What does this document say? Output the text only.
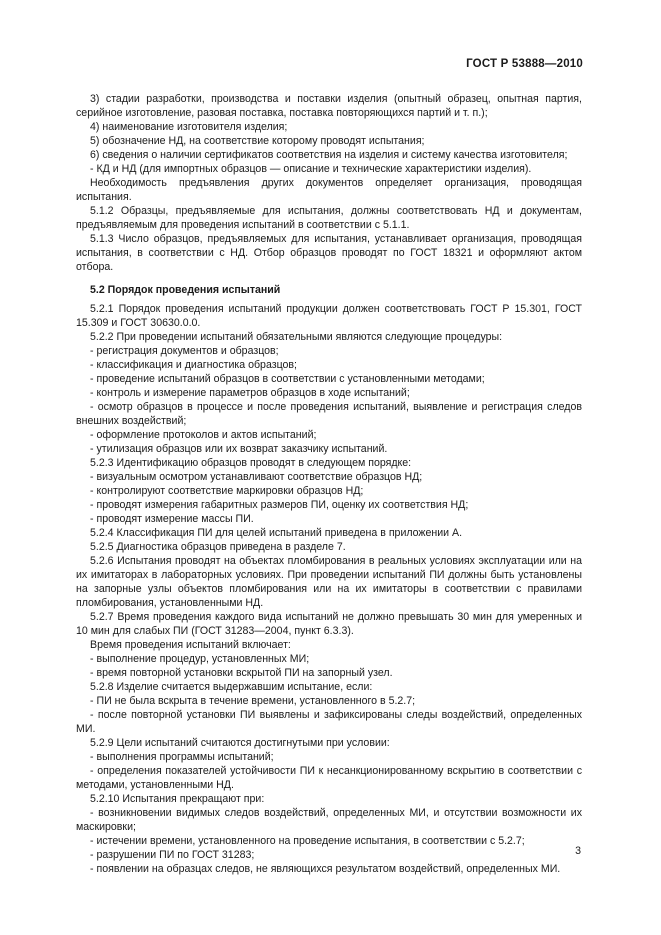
ГОСТ Р 53888—2010

3) стадии разработки, производства и поставки изделия (опытный образец, опытная партия, серийное изготовление, разовая поставка, поставка повторяющихся партий и т. п.);

4) наименование изготовителя изделия;

5) обозначение НД, на соответствие которому проводят испытания;

6) сведения о наличии сертификатов соответствия на изделия и систему качества изготовителя;

- КД и НД (для импортных образцов — описание и технические характеристики изделия).

Необходимость предъявления других документов определяет организация, проводящая испытания.

5.1.2 Образцы, предъявляемые для испытания, должны соответствовать НД и документам, предъявляемым для проведения испытаний в соответствии с 5.1.1.

5.1.3 Число образцов, предъявляемых для испытания, устанавливает организация, проводящая испытания, в соответствии с НД. Отбор образцов проводят по ГОСТ 18321 и оформляют актом отбора.

5.2 Порядок проведения испытаний

5.2.1 Порядок проведения испытаний продукции должен соответствовать ГОСТ Р 15.301, ГОСТ 15.309 и ГОСТ 30630.0.0.

5.2.2 При проведении испытаний обязательными являются следующие процедуры:

- регистрация документов и образцов;

- классификация и диагностика образцов;

- проведение испытаний образцов в соответствии с установленными методами;

- контроль и измерение параметров образцов в ходе испытаний;

- осмотр образцов в процессе и после проведения испытаний, выявление и регистрация следов внешних воздействий;

- оформление протоколов и актов испытаний;

- утилизация образцов или их возврат заказчику испытаний.

5.2.3 Идентификацию образцов проводят в следующем порядке:

- визуальным осмотром устанавливают соответствие образцов НД;

- контролируют соответствие маркировки образцов НД;

- проводят измерения габаритных размеров ПИ, оценку их соответствия НД;

- проводят измерение массы ПИ.

5.2.4 Классификация ПИ для целей испытаний приведена в приложении А.

5.2.5 Диагностика образцов приведена в разделе 7.

5.2.6 Испытания проводят на объектах пломбирования в реальных условиях эксплуатации или на их имитаторах в лабораторных условиях. При проведении испытаний ПИ должны быть установлены на запорные узлы объектов пломбирования или на их имитаторы в соответствии с правилами пломбирования, установленными НД.

5.2.7 Время проведения каждого вида испытаний не должно превышать 30 мин для умеренных и 10 мин для слабых ПИ (ГОСТ 31283—2004, пункт 6.3.3).

Время проведения испытаний включает:

- выполнение процедур, установленных МИ;

- время повторной установки вскрытой ПИ на запорный узел.

5.2.8 Изделие считается выдержавшим испытание, если:

- ПИ не была вскрыта в течение времени, установленного в 5.2.7;

- после повторной установки ПИ выявлены и зафиксированы следы воздействий, определенных МИ.

5.2.9 Цели испытаний считаются достигнутыми при условии:

- выполнения программы испытаний;

- определения показателей устойчивости ПИ к несанкционированному вскрытию в соответствии с методами, установленными НД.

5.2.10 Испытания прекращают при:

- возникновении видимых следов воздействий, определенных МИ, и отсутствии возможности их маскировки;

- истечении времени, установленного на проведение испытания, в соответствии с 5.2.7;

- разрушении ПИ по ГОСТ 31283;

- появлении на образцах следов, не являющихся результатом воздействий, определенных МИ.

3
